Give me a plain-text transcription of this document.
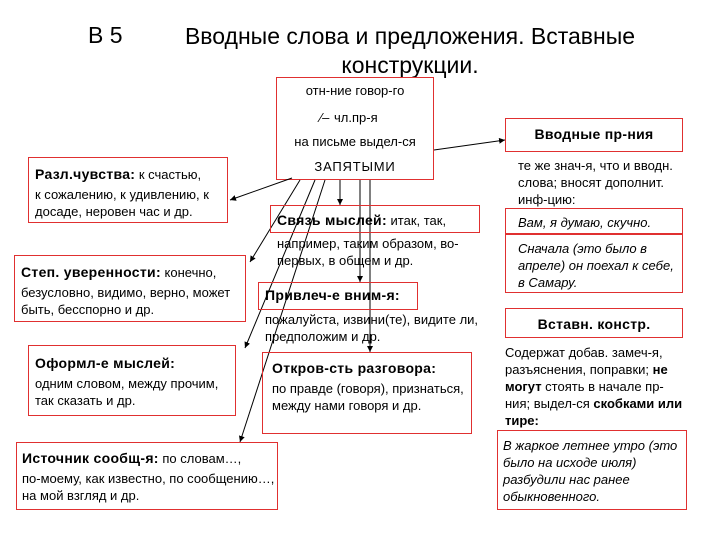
В 5	Вводные слова и предложения. Вставные
конструкции.
отн-ние говор-го
⁄– чл.пр-я
на письме выдел-ся
ЗАПЯТЫМИ
Разл.чувства: к счастью,
к сожалению, к удивлению, к досаде, неровен час и др.
Степ. уверенности: конечно,
безусловно, видимо, верно, может быть, бесспорно и др.
Оформл-е мыслей:
одним словом, между прочим, так сказать и др.
Источник сообщ-я: по словам…,
по-моему, как известно, по сообщению…, на мой взгляд и др.
Связь мыслей: итак, так,
например, таким образом, во-первых, в общем и др.
Привлеч-е вним-я:
пожалуйста, извини(те), видите ли, предположим и др.
Откров-сть разговора:
по правде (говоря), признаться, между нами говоря и др.
Вводные пр-ния
те же знач-я, что и вводн. слова; вносят дополнит. инф-цию:
Вам, я думаю, скучно.
Сначала (это было в апреле) он поехал к себе, в Самару.
Вставн. констр.
Содержат добав. замеч-я, разъяснения, поправки; не могут стоять в начале пр-ния; выдел-ся скобками или тире:
В жаркое летнее утро (это было на исходе июля) разбудили нас ранее обыкновенного.
